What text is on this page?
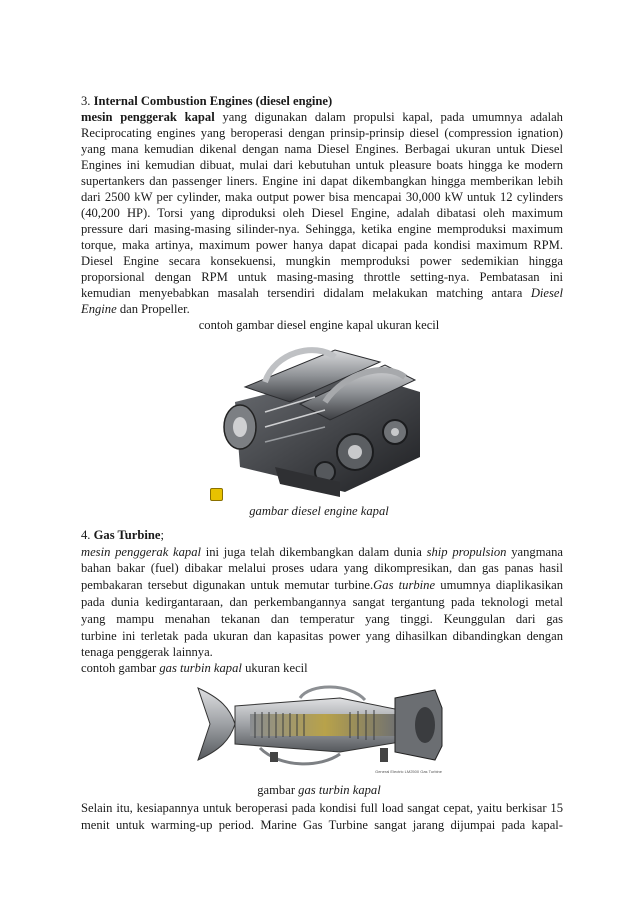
3. Internal Combustion Engines (diesel engine)
mesin penggerak kapal yang digunakan dalam propulsi kapal, pada umumnya adalah
Reciprocating engines yang beroperasi dengan prinsip-prinsip diesel (compression ignation)
yang mana kemudian dikenal dengan nama Diesel Engines. Berbagai ukuran untuk Diesel
Engines ini kemudian dibuat, mulai dari kebutuhan untuk pleasure boats hingga ke modern
supertankers dan passenger liners. Engine ini dapat dikembangkan hingga memberikan lebih
dari 2500 kW per cylinder, maka output power bisa mencapai 30,000 kW untuk 12 cylinders
(40,200 HP). Torsi yang diproduksi oleh Diesel Engine, adalah dibatasi oleh maximum
pressure dari masing-masing silinder-nya. Sehingga, ketika engine memproduksi maximum
torque, maka artinya, maximum power hanya dapat dicapai pada kondisi maximum RPM.
Diesel Engine secara konsekuensi, mungkin memproduksi power sedemikian hingga
proporsional dengan RPM untuk masing-masing throttle setting-nya. Pembatasan ini
kemudian menyebabkan masalah tersendiri didalam melakukan matching antara Diesel
Engine dan Propeller.
contoh gambar diesel engine kapal ukuran kecil
gambar diesel engine kapal
4. Gas Turbine;
mesin penggerak kapal ini juga telah dikembangkan dalam dunia ship propulsion yangmana
bahan bakar (fuel) dibakar melalui proses udara yang dikompresikan, dan gas panas hasil
pembakaran tersebut digunakan untuk memutar turbine.Gas turbine umumnya diaplikasikan
pada dunia kedirgantaraan, dan perkembangannya sangat tergantung pada teknologi metal
yang mampu menahan tekanan dan temperatur yang tinggi. Keunggulan dari gas
turbine ini terletak pada ukuran dan kapasitas power yang dihasilkan dibandingkan dengan
tenaga penggerak lainnya.
contoh gambar gas turbin kapal ukuran kecil
General Electric LM2500 Gas Turbine
gambar gas turbin kapal
Selain itu, kesiapannya untuk beroperasi pada kondisi full load sangat cepat, yaitu berkisar 15
menit untuk warming-up period. Marine Gas Turbine sangat jarang dijumpai pada kapal-
